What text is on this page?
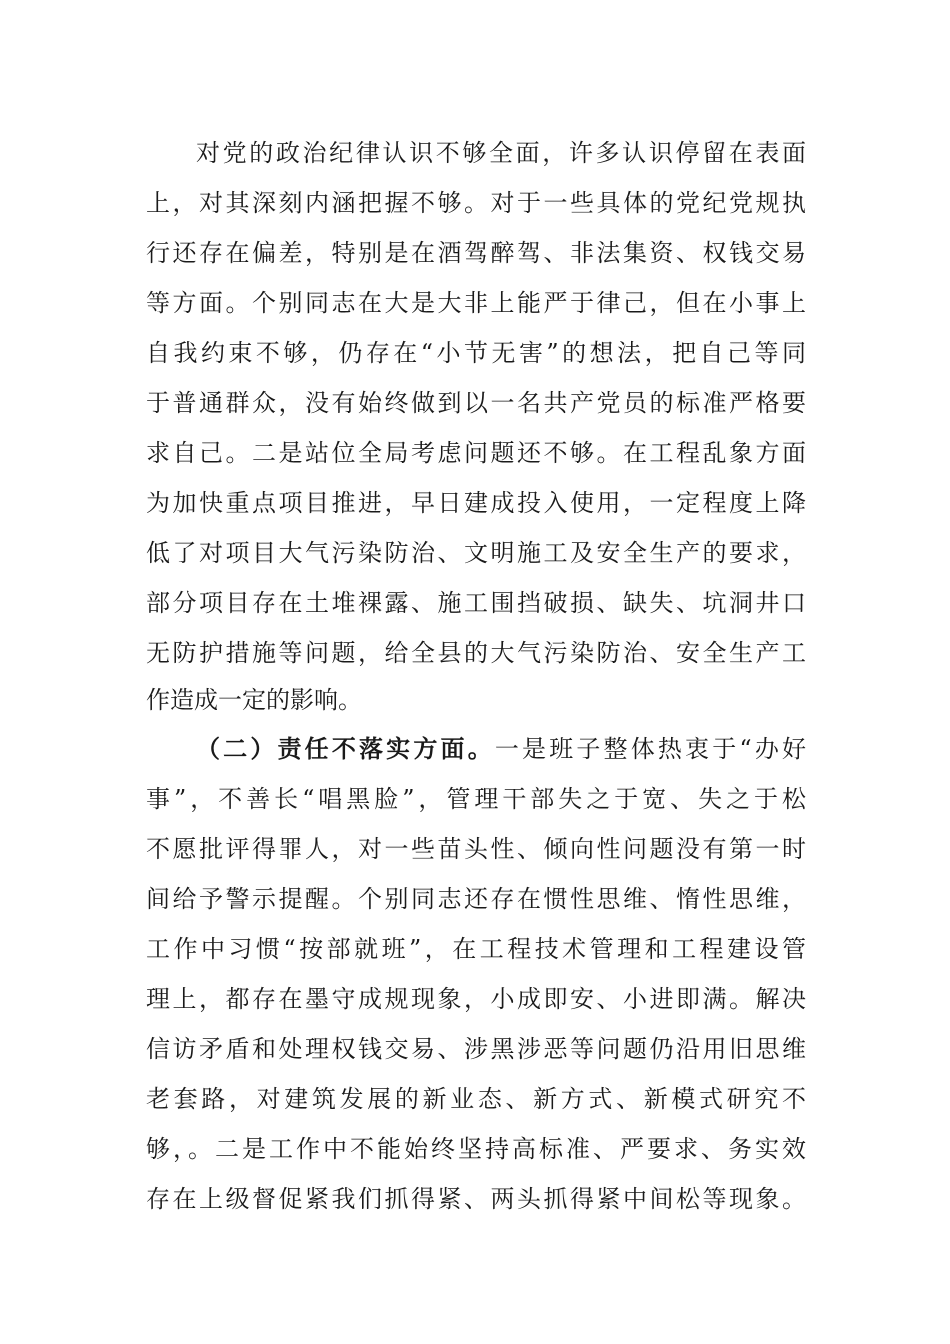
对党的政治纪律认识不够全面，许多认识停留在表面
上，对其深刻内涵把握不够。对于一些具体的党纪党规执
行还存在偏差，特别是在酒驾醉驾、非法集资、权钱交易
等方面。个别同志在大是大非上能严于律己，但在小事上
自我约束不够，仍存在“小节无害”的想法，把自己等同
于普通群众，没有始终做到以一名共产党员的标准严格要
求自己。二是站位全局考虑问题还不够。在工程乱象方面
为加快重点项目推进，早日建成投入使用，一定程度上降
低了对项目大气污染防治、文明施工及安全生产的要求，
部分项目存在土堆裸露、施工围挡破损、缺失、坑洞井口
无防护措施等问题，给全县的大气污染防治、安全生产工
作造成一定的影响。
（二）责任不落实方面。一是班子整体热衷于“办好
事”，不善长“唱黑脸”，管理干部失之于宽、失之于松
不愿批评得罪人，对一些苗头性、倾向性问题没有第一时
间给予警示提醒。个别同志还存在惯性思维、惰性思维，
工作中习惯“按部就班”，在工程技术管理和工程建设管
理上，都存在墨守成规现象，小成即安、小进即满。解决
信访矛盾和处理权钱交易、涉黑涉恶等问题仍沿用旧思维
老套路，对建筑发展的新业态、新方式、新模式研究不
够，。二是工作中不能始终坚持高标准、严要求、务实效
存在上级督促紧我们抓得紧、两头抓得紧中间松等现象。
